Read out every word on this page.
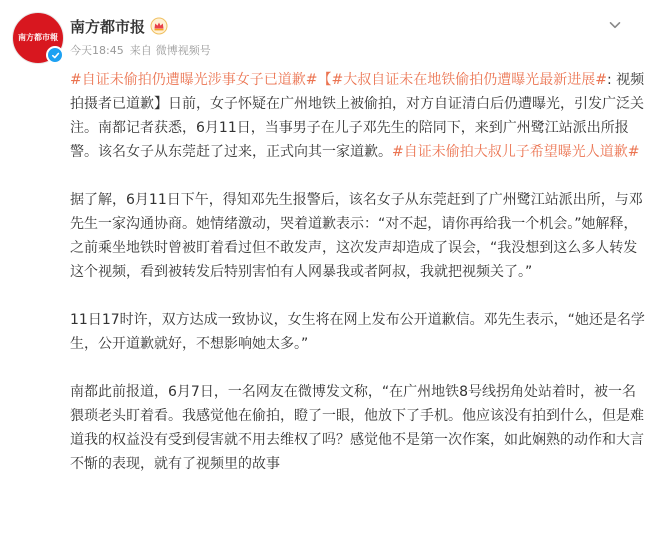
南方都市報
南方都市报
今天18:45 来自 微博视频号

#自证未偷拍仍遭曝光涉事女子已道歉#【#大叔自证未在地铁偷拍仍遭曝光最新进展#: 视频拍摄者已道歉】日前，女子怀疑在广州地铁上被偷拍，对方自证清白后仍遭曝光，引发广泛关注。南都记者获悉，6月11日，当事男子在儿子邓先生的陪同下，来到广州鹭江站派出所报警。该名女子从东莞赶了过来，正式向其一家道歉。#自证未偷拍大叔儿子希望曝光人道歉#

据了解，6月11日下午，得知邓先生报警后，该名女子从东莞赶到了广州鹭江站派出所，与邓先生一家沟通协商。她情绪激动，哭着道歉表示：“对不起，请你再给我一个机会。”她解释，之前乘坐地铁时曾被盯着看过但不敢发声，这次发声却造成了误会，“我没想到这么多人转发这个视频，看到被转发后特别害怕有人网暴我或者阿叔，我就把视频关了。”

11日17时许，双方达成一致协议，女生将在网上发布公开道歉信。邓先生表示，“她还是名学生，公开道歉就好，不想影响她太多。”

南都此前报道，6月7日，一名网友在微博发文称，“在广州地铁8号线拐角处站着时，被一名猥琐老头盯着看。我感觉他在偷拍，瞪了一眼，他放下了手机。他应该没有拍到什么，但是难道我的权益没有受到侵害就不用去维权了吗？感觉他不是第一次作案，如此娴熟的动作和大言不惭的表现，就有了视频里的故事
